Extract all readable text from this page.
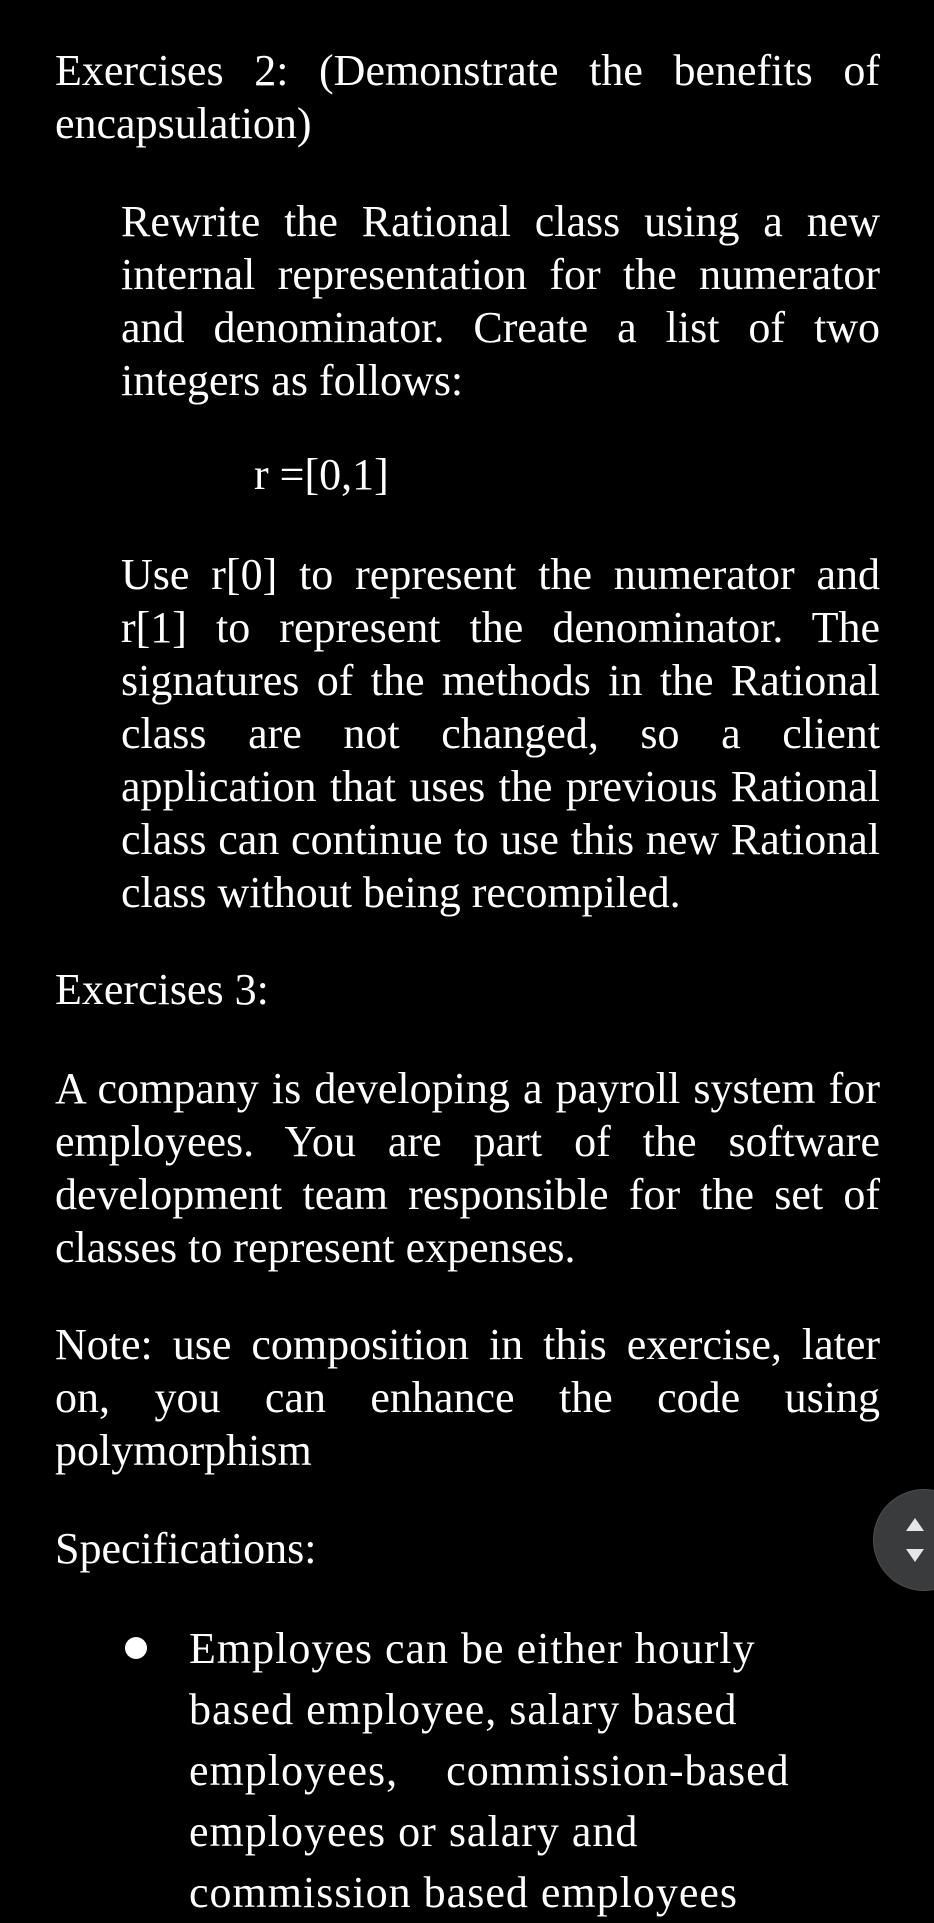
Exercises 2: (Demonstrate the benefits of encapsulation)

Rewrite the Rational class using a new internal representation for the numerator and denominator. Create a list of two integers as follows:

r =[0,1]

Use r[0] to represent the numerator and r[1] to represent the denominator. The signatures of the methods in the Rational class are not changed, so a client application that uses the previous Rational class can continue to use this new Rational class without being recompiled.

Exercises 3:

A company is developing a payroll system for employees. You are part of the software development team responsible for the set of classes to represent expenses.

Note: use composition in this exercise, later on, you can enhance the code using polymorphism

Specifications:

Employes can be either hourly based employee, salary based employees,    commission-based employees or salary and commission based employees
